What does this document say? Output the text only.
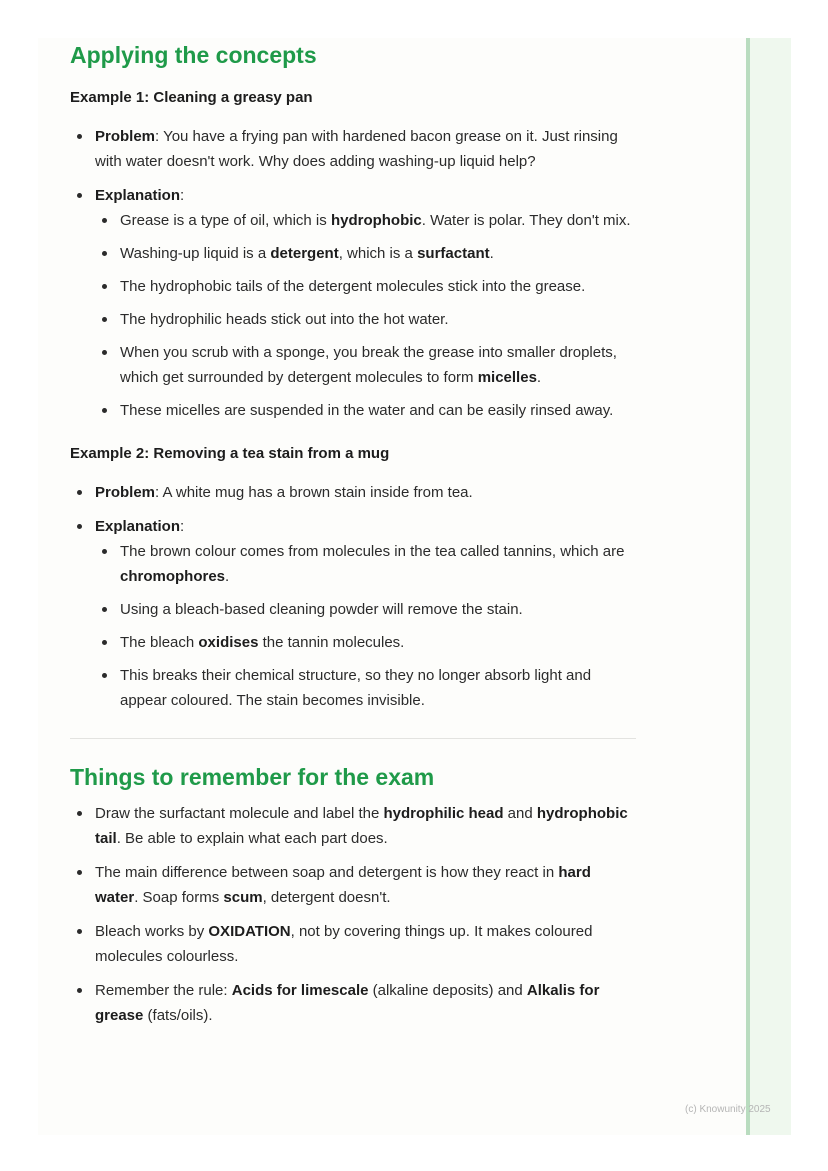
(c) Knowunity 2025
Applying the concepts
Example 1: Cleaning a greasy pan
Problem: You have a frying pan with hardened bacon grease on it. Just rinsing with water doesn't work. Why does adding washing-up liquid help?
Explanation:
Grease is a type of oil, which is hydrophobic. Water is polar. They don't mix.
Washing-up liquid is a detergent, which is a surfactant.
The hydrophobic tails of the detergent molecules stick into the grease.
The hydrophilic heads stick out into the hot water.
When you scrub with a sponge, you break the grease into smaller droplets, which get surrounded by detergent molecules to form micelles.
These micelles are suspended in the water and can be easily rinsed away.
Example 2: Removing a tea stain from a mug
Problem: A white mug has a brown stain inside from tea.
Explanation:
The brown colour comes from molecules in the tea called tannins, which are chromophores.
Using a bleach-based cleaning powder will remove the stain.
The bleach oxidises the tannin molecules.
This breaks their chemical structure, so they no longer absorb light and appear coloured. The stain becomes invisible.
Things to remember for the exam
Draw the surfactant molecule and label the hydrophilic head and hydrophobic tail. Be able to explain what each part does.
The main difference between soap and detergent is how they react in hard water. Soap forms scum, detergent doesn't.
Bleach works by OXIDATION, not by covering things up. It makes coloured molecules colourless.
Remember the rule: Acids for limescale (alkaline deposits) and Alkalis for grease (fats/oils).
